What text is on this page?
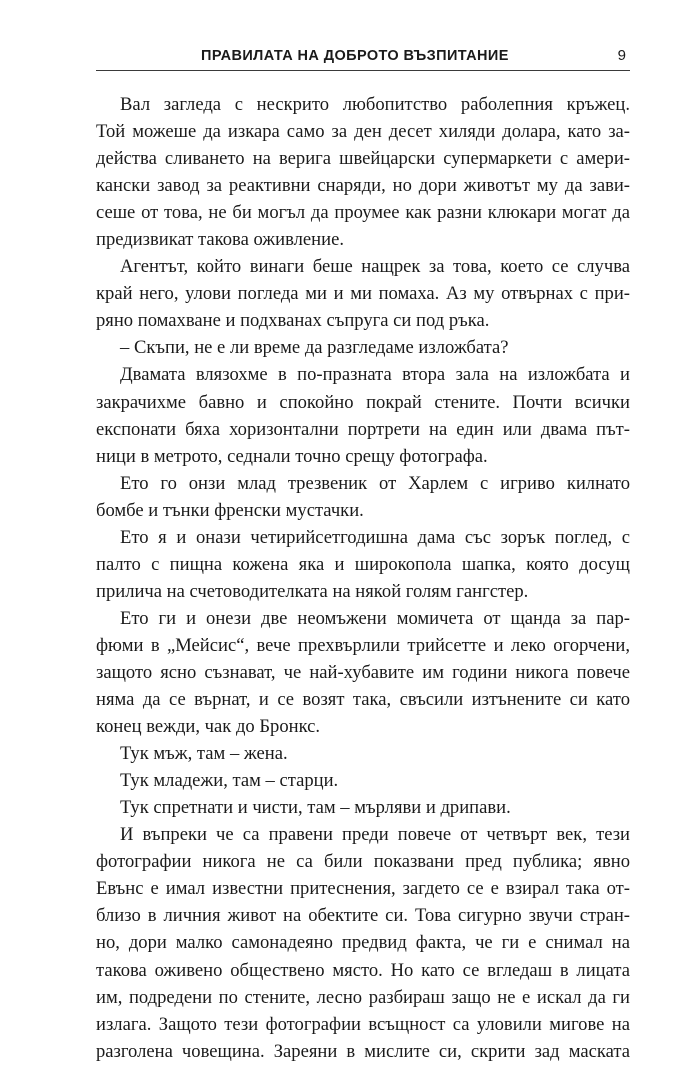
ПРАВИЛАТА НА ДОБРОТО ВЪЗПИТАНИЕ	9
Вал загледа с нескрито любопитство раболепния кръжец.
Той можеше да изкара само за ден десет хиляди долара, като за-
действа сливането на верига швейцарски супермаркети с амери-
кански завод за реактивни снаряди, но дори животът му да зави-
сеше от това, не би могъл да проумее как разни клюкари могат да
предизвикат такова оживление.
Агентът, който винаги беше нащрек за това, което се случва
край него, улови погледа ми и ми помаха. Аз му отвърнах с при-
ряно помахване и подхванах съпруга си под ръка.
– Скъпи, не е ли време да разгледаме изложбата?
Двамата влязохме в по-празната втора зала на изложбата и
закрачихме бавно и спокойно покрай стените. Почти всички
експонати бяха хоризонтални портрети на един или двама път-
ници в метрото, седнали точно срещу фотографа.
Ето го онзи млад трезвеник от Харлем с игриво килнато
бомбе и тънки френски мустачки.
Ето я и онази четирийсетгодишна дама със зорък поглед, с
палто с пищна кожена яка и широкопола шапка, която досущ
прилича на счетоводителката на някой голям гангстер.
Ето ги и онези две неомъжени момичета от щанда за пар-
фюми в „Мейсис“, вече прехвърлили трийсетте и леко огорчени,
защото ясно съзнават, че най-хубавите им години никога повече
няма да се върнат, и се возят така, свъсили изтънените си като
конец вежди, чак до Бронкс.
Тук мъж, там – жена.
Тук младежи, там – старци.
Тук спретнати и чисти, там – мърляви и дрипави.
И въпреки че са правени преди повече от четвърт век, тези
фотографии никога не са били показвани пред публика; явно
Евънс е имал известни притеснения, загдето се е взирал така от-
близо в личния живот на обектите си. Това сигурно звучи стран-
но, дори малко самонадеяно предвид факта, че ги е снимал на
такова оживено обществено място. Но като се вгледаш в лицата
им, подредени по стените, лесно разбираш защо не е искал да ги
излага. Защото тези фотографии всъщност са уловили мигове на
разголена човещина. Зареяни в мислите си, скрити зад маската
